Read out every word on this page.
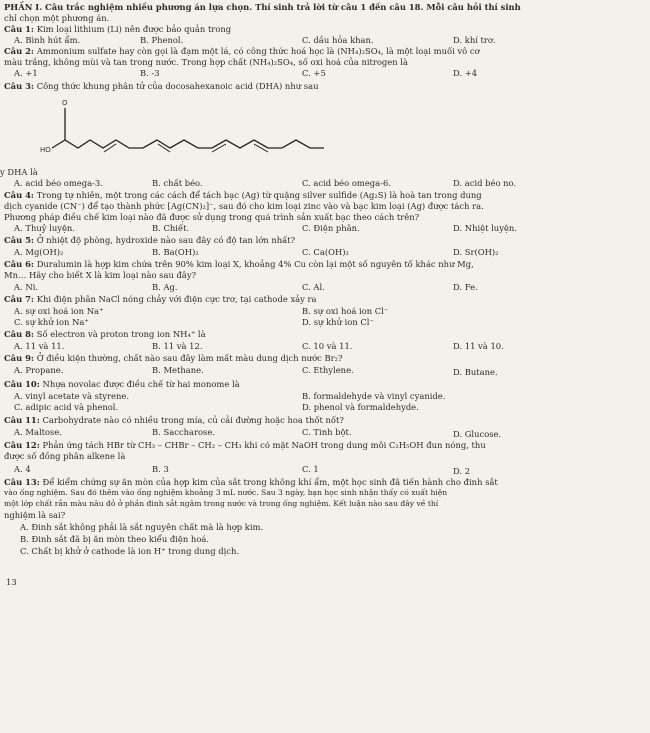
PHẦN I. Câu trắc nghiệm nhiều phương án lựa chọn. Thí sinh trả lời từ câu 1 đến câu 18. Mỗi câu hỏi thí sinh
chỉ chọn một phương án.
Câu 1: Kim loại lithium (Li) nên được bảo quản trong
A. Bình hút ẩm.	B. Phenol.	C. dầu hỏa khan.	D. khí trơ.
Câu 2: Ammonium sulfate hay còn gọi là đạm một lá, có công thức hoá học là (NH₄)₂SO₄, là một loại muối vô cơ
màu trắng, không mùi và tan trong nước. Trong hợp chất (NH₄)₂SO₄, số oxi hoá của nitrogen là
A. +1	B. -3	C. +5	D. +4
Câu 3: Công thức khung phân tử của docosahexanoic acid (DHA) như sau
O
HO
y DHA là
A. acid béo omega-3.	B. chất béo.	C. acid béo omega-6.	D. acid béo no.
Câu 4: Trong tự nhiên, một trong các cách để tách bạc (Ag) từ quặng silver sulfide (Ag₂S) là hoà tan trong dung
dịch cyanide (CN⁻) để tạo thành phức [Ag(CN)₂]⁻, sau đó cho kim loại zinc vào và bạc kim loại (Ag) được tách ra.
Phương pháp điều chế kim loại nào đã được sử dụng trong quá trình sản xuất bạc theo cách trên?
A. Thuỷ luyện.	B. Chiết.	C. Điện phân.	D. Nhiệt luyện.
Câu 5: Ở nhiệt độ phòng, hydroxide nào sau đây có độ tan lớn nhất?
A. Mg(OH)₂	B. Ba(OH)₂	C. Ca(OH)₂	D. Sr(OH)₂
Câu 6: Duralumin là hợp kim chứa trên 90% kim loại X, khoảng 4% Cu còn lại một số nguyên tố khác như Mg,
Mn… Hãy cho biết X là kim loại nào sau đây?
A. Ni.	B. Ag.	C. Al.	D. Fe.
Câu 7: Khi điện phân NaCl nóng chảy với điện cực trơ, tại cathode xảy ra
A. sự oxi hoá ion Na⁺	B. sự oxi hoá ion Cl⁻
C. sự khử ion Na⁺	D. sự khử ion Cl⁻
Câu 8: Số electron và proton trong ion NH₄⁺ là
A. 11 và 11.	B. 11 và 12.	C. 10 và 11.	D. 11 và 10.
Câu 9: Ở điều kiện thường, chất nào sau đây làm mất màu dung dịch nước Br₂?
A. Propane.	B. Methane.	C. Ethylene.	D. Butane.
Câu 10: Nhựa novolac được điều chế từ hai monome là
A. vinyl acetate và styrene.	B. formaldehyde và vinyl cyanide.
C. adipic acid và phenol.	D. phenol và formaldehyde.
Câu 11: Carbohydrate nào có nhiều trong mía, củ cải đường hoặc hoa thốt nốt?
A. Maltose.	B. Saccharose.	C. Tinh bột.	D. Glucose.
Câu 12: Phản ứng tách HBr từ CH₃ – CHBr – CH₂ – CH₃ khi có mặt NaOH trong dung môi C₂H₅OH đun nóng, thu
được số đồng phân alkene là
A. 4	B. 3	C. 1	D. 2
Câu 13: Để kiểm chứng sự ăn mòn của hợp kim của sắt trong không khí ẩm, một học sinh đã tiến hành cho đinh sắt
vào ống nghiệm. Sau đó thêm vào ống nghiệm khoảng 3 mL nước. Sau 3 ngày, bạn học sinh nhận thấy có xuất hiện
một lớp chất rắn màu nâu đỏ ở phần đinh sắt ngâm trong nước và trong ống nghiệm. Kết luận nào sau đây về thí
nghiệm là sai?
A. Đinh sắt không phải là sắt nguyên chất mà là hợp kim.
B. Đinh sắt đã bị ăn mòn theo kiểu điện hoá.
C. Chất bị khử ở cathode là ion H⁺ trong dung dịch.
13
